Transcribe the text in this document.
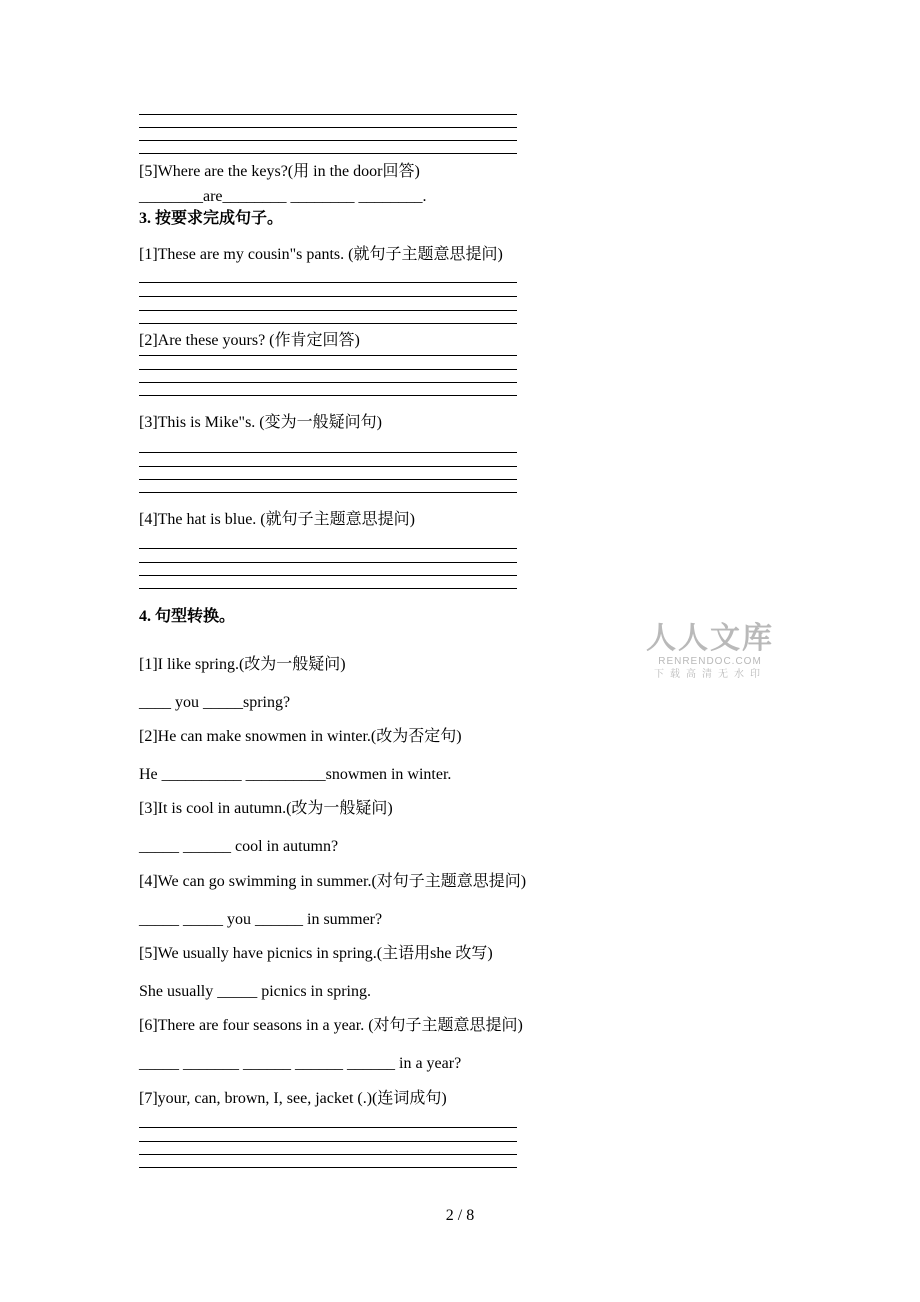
[5]Where are the keys?(用 in the door回答)
________are________ ________ ________.
3. 按要求完成句子。
[1]These are my cousin"s pants. (就句子主题意思提问)
[2]Are these yours? (作肯定回答)
[3]This is Mike"s. (变为一般疑问句)
[4]The hat is blue. (就句子主题意思提问)
4. 句型转换。
[1]I like spring.(改为一般疑问)
____ you _____spring?
[2]He can make snowmen in winter.(改为否定句)
He __________ __________snowmen in winter.
[3]It is cool in autumn.(改为一般疑问)
_____ ______ cool in autumn?
[4]We can go swimming in summer.(对句子主题意思提问)
_____ _____ you ______ in summer?
[5]We usually have picnics in spring.(主语用she 改写)
She usually _____ picnics in spring.
[6]There are four seasons in a year. (对句子主题意思提问)
_____ _______ ______ ______ ______ in a year?
[7]your, can, brown, I, see, jacket (.)(连词成句)
人人文库
RENRENDOC.COM
下载高清无水印
2 / 8
